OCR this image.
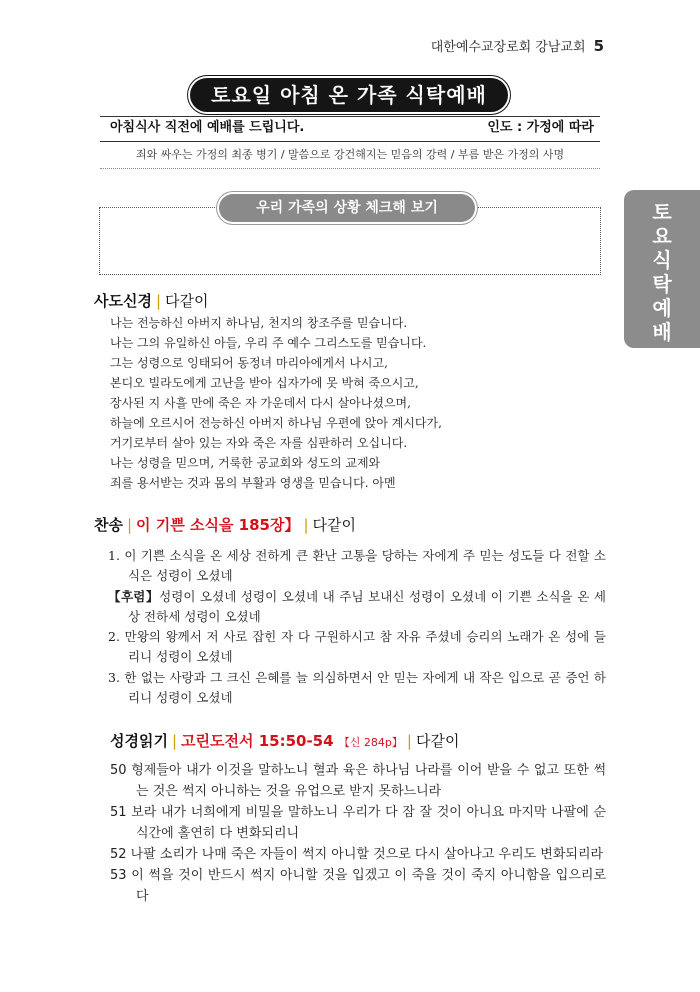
대한예수교장로회 강남교회 5
토요일 아침 온 가족 식탁예배
아침식사 직전에 예배를 드립니다.	인도 : 가정에 따라
죄와 싸우는 가정의 최종 병기 / 말씀으로 강건해지는 믿음의 강력 / 부름 받은 가정의 사명
우리 가족의 상황 체크해 보기	토
요
식
탁
예
배
사도신경 | 다같이
나는 전능하신 아버지 하나님, 천지의 창조주를 믿습니다.
나는 그의 유일하신 아들, 우리 주 예수 그리스도를 믿습니다.
그는 성령으로 잉태되어 동정녀 마리아에게서 나시고,
본디오 빌라도에게 고난을 받아 십자가에 못 박혀 죽으시고,
장사된 지 사흘 만에 죽은 자 가운데서 다시 살아나셨으며,
하늘에 오르시어 전능하신 아버지 하나님 우편에 앉아 계시다가,
거기로부터 살아 있는 자와 죽은 자를 심판하러 오십니다.
나는 성령을 믿으며, 거룩한 공교회와 성도의 교제와
죄를 용서받는 것과 몸의 부활과 영생을 믿습니다. 아멘
찬송 | 이 기쁜 소식을 185장】 | 다같이
1. 이 기쁜 소식을 온 세상 전하게 큰 환난 고통을 당하는 자에게 주 믿는 성도들 다 전할 소식은 성령이 오셨네
【후렴】성령이 오셨네 성령이 오셨네 내 주님 보내신 성령이 오셨네 이 기쁜 소식을 온 세상 전하세 성령이 오셨네
2. 만왕의 왕께서 저 사로 잡힌 자 다 구원하시고 참 자유 주셨네 승리의 노래가 온 성에 들리니 성령이 오셨네
3. 한 없는 사랑과 그 크신 은혜를 늘 의심하면서 안 믿는 자에게 내 작은 입으로 곧 증언 하리니 성령이 오셨네
성경읽기 | 고린도전서 15:50-54 【신 284p】 | 다같이
50 형제들아 내가 이것을 말하노니 혈과 육은 하나님 나라를 이어 받을 수 없고 또한 썩는 것은 썩지 아니하는 것을 유업으로 받지 못하느니라
51 보라 내가 너희에게 비밀을 말하노니 우리가 다 잠 잘 것이 아니요 마지막 나팔에 순식간에 홀연히 다 변화되리니
52 나팔 소리가 나매 죽은 자들이 썩지 아니할 것으로 다시 살아나고 우리도 변화되리라
53 이 썩을 것이 반드시 썩지 아니할 것을 입겠고 이 죽을 것이 죽지 아니함을 입으리로다
